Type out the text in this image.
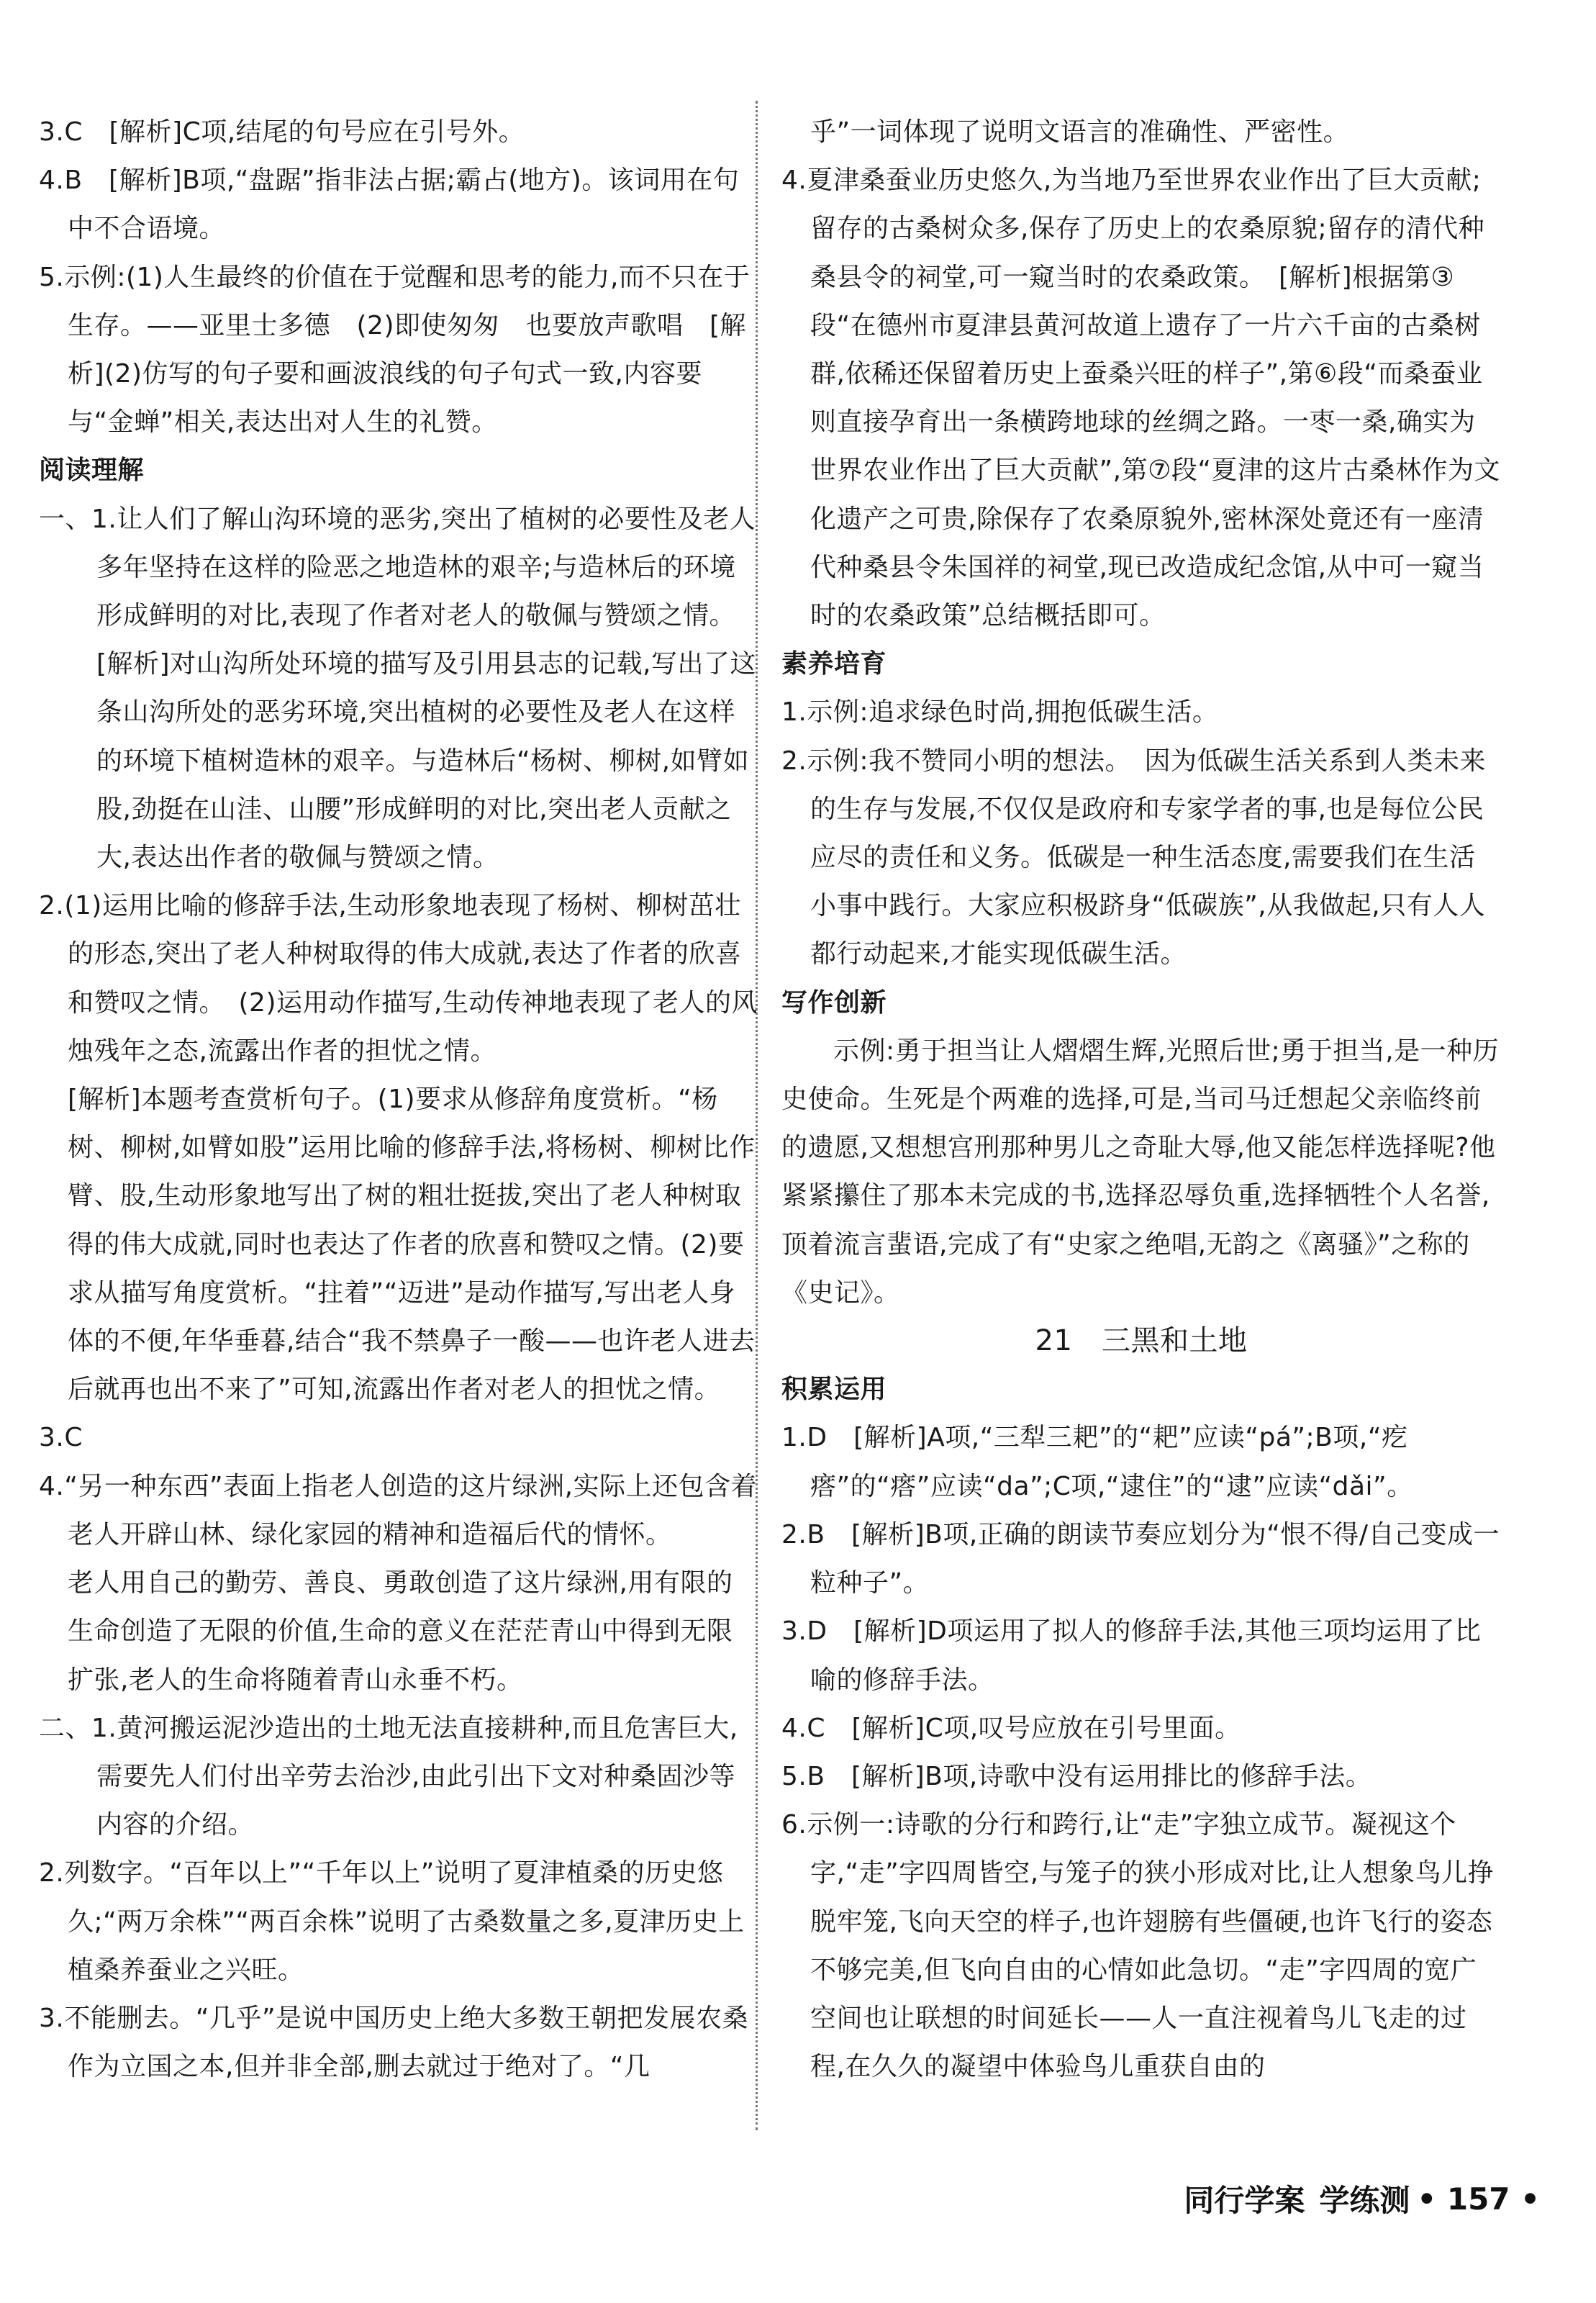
3.C　[解析]C项,结尾的句号应在引号外。

4.B　[解析]B项,“盘踞”指非法占据;霸占(地方)。该词用在句中不合语境。

5.示例:(1)人生最终的价值在于觉醒和思考的能力,而不只在于生存。——亚里士多德　(2)即使匆匆　也要放声歌唱　[解析](2)仿写的句子要和画波浪线的句子句式一致,内容要与“金蝉”相关,表达出对人生的礼赞。

阅读理解

一、1.让人们了解山沟环境的恶劣,突出了植树的必要性及老人多年坚持在这样的险恶之地造林的艰辛;与造林后的环境形成鲜明的对比,表现了作者对老人的敬佩与赞颂之情。　[解析]对山沟所处环境的描写及引用县志的记载,写出了这条山沟所处的恶劣环境,突出植树的必要性及老人在这样的环境下植树造林的艰辛。与造林后“杨树、柳树,如臂如股,劲挺在山洼、山腰”形成鲜明的对比,突出老人贡献之大,表达出作者的敬佩与赞颂之情。

2.(1)运用比喻的修辞手法,生动形象地表现了杨树、柳树茁壮的形态,突出了老人种树取得的伟大成就,表达了作者的欣喜和赞叹之情。　(2)运用动作描写,生动传神地表现了老人的风烛残年之态,流露出作者的担忧之情。

[解析]本题考查赏析句子。(1)要求从修辞角度赏析。“杨树、柳树,如臂如股”运用比喻的修辞手法,将杨树、柳树比作臂、股,生动形象地写出了树的粗壮挺拔,突出了老人种树取得的伟大成就,同时也表达了作者的欣喜和赞叹之情。(2)要求从描写角度赏析。“拄着”“迈进”是动作描写,写出老人身体的不便,年华垂暮,结合“我不禁鼻子一酸——也许老人进去后就再也出不来了”可知,流露出作者对老人的担忧之情。

3.C

4.“另一种东西”表面上指老人创造的这片绿洲,实际上还包含着老人开辟山林、绿化家园的精神和造福后代的情怀。

老人用自己的勤劳、善良、勇敢创造了这片绿洲,用有限的生命创造了无限的价值,生命的意义在茫茫青山中得到无限扩张,老人的生命将随着青山永垂不朽。

二、1.黄河搬运泥沙造出的土地无法直接耕种,而且危害巨大,需要先人们付出辛劳去治沙,由此引出下文对种桑固沙等内容的介绍。

2.列数字。“百年以上”“千年以上”说明了夏津植桑的历史悠久;“两万余株”“两百余株”说明了古桑数量之多,夏津历史上植桑养蚕业之兴旺。

3.不能删去。“几乎”是说中国历史上绝大多数王朝把发展农桑作为立国之本,但并非全部,删去就过于绝对了。“几

乎”一词体现了说明文语言的准确性、严密性。

4.夏津桑蚕业历史悠久,为当地乃至世界农业作出了巨大贡献;留存的古桑树众多,保存了历史上的农桑原貌;留存的清代种桑县令的祠堂,可一窥当时的农桑政策。　[解析]根据第③段“在德州市夏津县黄河故道上遗存了一片六千亩的古桑树群,依稀还保留着历史上蚕桑兴旺的样子”,第⑥段“而桑蚕业则直接孕育出一条横跨地球的丝绸之路。一枣一桑,确实为世界农业作出了巨大贡献”,第⑦段“夏津的这片古桑林作为文化遗产之可贵,除保存了农桑原貌外,密林深处竟还有一座清代种桑县令朱国祥的祠堂,现已改造成纪念馆,从中可一窥当时的农桑政策”总结概括即可。

素养培育

1.示例:追求绿色时尚,拥抱低碳生活。

2.示例:我不赞同小明的想法。　因为低碳生活关系到人类未来的生存与发展,不仅仅是政府和专家学者的事,也是每位公民应尽的责任和义务。低碳是一种生活态度,需要我们在生活小事中践行。大家应积极跻身“低碳族”,从我做起,只有人人都行动起来,才能实现低碳生活。

写作创新

示例:勇于担当让人熠熠生辉,光照后世;勇于担当,是一种历史使命。生死是个两难的选择,可是,当司马迁想起父亲临终前的遗愿,又想想宫刑那种男儿之奇耻大辱,他又能怎样选择呢?他紧紧攥住了那本未完成的书,选择忍辱负重,选择牺牲个人名誉,顶着流言蜚语,完成了有“史家之绝唱,无韵之《离骚》”之称的《史记》。

21　三黑和土地

积累运用

1.D　[解析]A项,“三犁三耙”的“耙”应读“pá”;B项,“疙瘩”的“瘩”应读“da”;C项,“逮住”的“逮”应读“dǎi”。

2.B　[解析]B项,正确的朗读节奏应划分为“恨不得/自己变成一粒种子”。

3.D　[解析]D项运用了拟人的修辞手法,其他三项均运用了比喻的修辞手法。

4.C　[解析]C项,叹号应放在引号里面。

5.B　[解析]B项,诗歌中没有运用排比的修辞手法。

6.示例一:诗歌的分行和跨行,让“走”字独立成节。凝视这个字,“走”字四周皆空,与笼子的狭小形成对比,让人想象鸟儿挣脱牢笼,飞向天空的样子,也许翅膀有些僵硬,也许飞行的姿态不够完美,但飞向自由的心情如此急切。“走”字四周的宽广空间也让联想的时间延长——人一直注视着鸟儿飞走的过程,在久久的凝望中体验鸟儿重获自由的

同行学案 学练测 • 157 •
